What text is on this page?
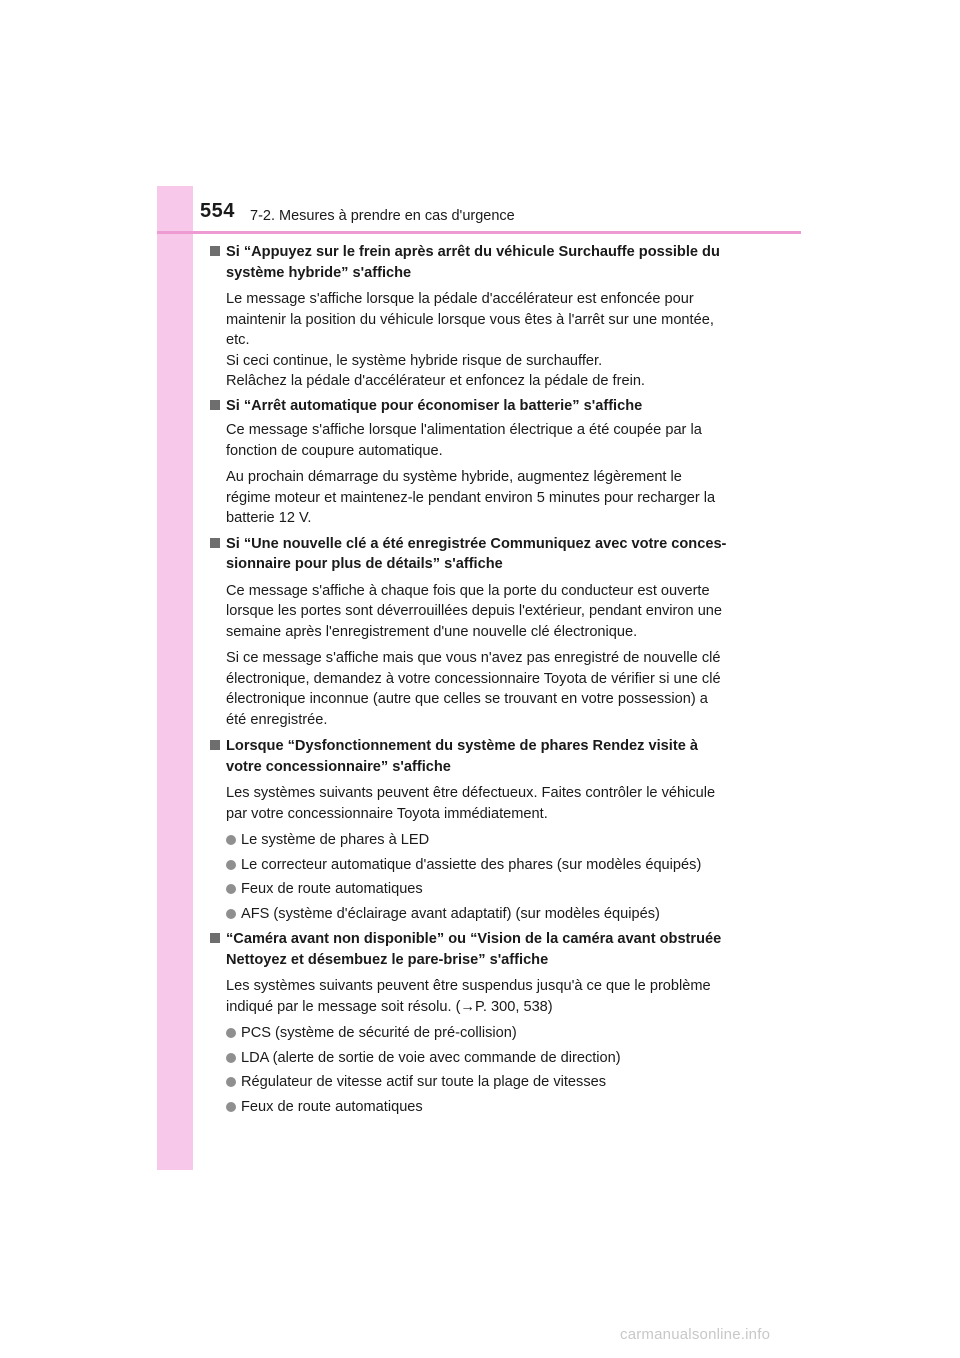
554 7-2. Mesures à prendre en cas d'urgence
Si “Appuyez sur le frein après arrêt du véhicule Surchauffe possible du
système hybride” s'affiche
Le message s'affiche lorsque la pédale d'accélérateur est enfoncée pour
maintenir la position du véhicule lorsque vous êtes à l'arrêt sur une montée,
etc.
Si ceci continue, le système hybride risque de surchauffer.
Relâchez la pédale d'accélérateur et enfoncez la pédale de frein.
Si “Arrêt automatique pour économiser la batterie” s'affiche
Ce message s'affiche lorsque l'alimentation électrique a été coupée par la
fonction de coupure automatique.
Au prochain démarrage du système hybride, augmentez légèrement le
régime moteur et maintenez-le pendant environ 5 minutes pour recharger la
batterie 12 V.
Si “Une nouvelle clé a été enregistrée Communiquez avec votre conces-
sionnaire pour plus de détails” s'affiche
Ce message s'affiche à chaque fois que la porte du conducteur est ouverte
lorsque les portes sont déverrouillées depuis l'extérieur, pendant environ une
semaine après l'enregistrement d'une nouvelle clé électronique.
Si ce message s'affiche mais que vous n'avez pas enregistré de nouvelle clé
électronique, demandez à votre concessionnaire Toyota de vérifier si une clé
électronique inconnue (autre que celles se trouvant en votre possession) a
été enregistrée.
Lorsque “Dysfonctionnement du système de phares Rendez visite à
votre concessionnaire” s'affiche
Les systèmes suivants peuvent être défectueux. Faites contrôler le véhicule
par votre concessionnaire Toyota immédiatement.
Le système de phares à LED
Le correcteur automatique d'assiette des phares (sur modèles équipés)
Feux de route automatiques
AFS (système d'éclairage avant adaptatif) (sur modèles équipés)
“Caméra avant non disponible” ou “Vision de la caméra avant obstruée
Nettoyez et désembuez le pare-brise” s'affiche
Les systèmes suivants peuvent être suspendus jusqu'à ce que le problème
indiqué par le message soit résolu. (→P. 300, 538)
PCS (système de sécurité de pré-collision)
LDA (alerte de sortie de voie avec commande de direction)
Régulateur de vitesse actif sur toute la plage de vitesses
Feux de route automatiques
carmanualsonline.info
